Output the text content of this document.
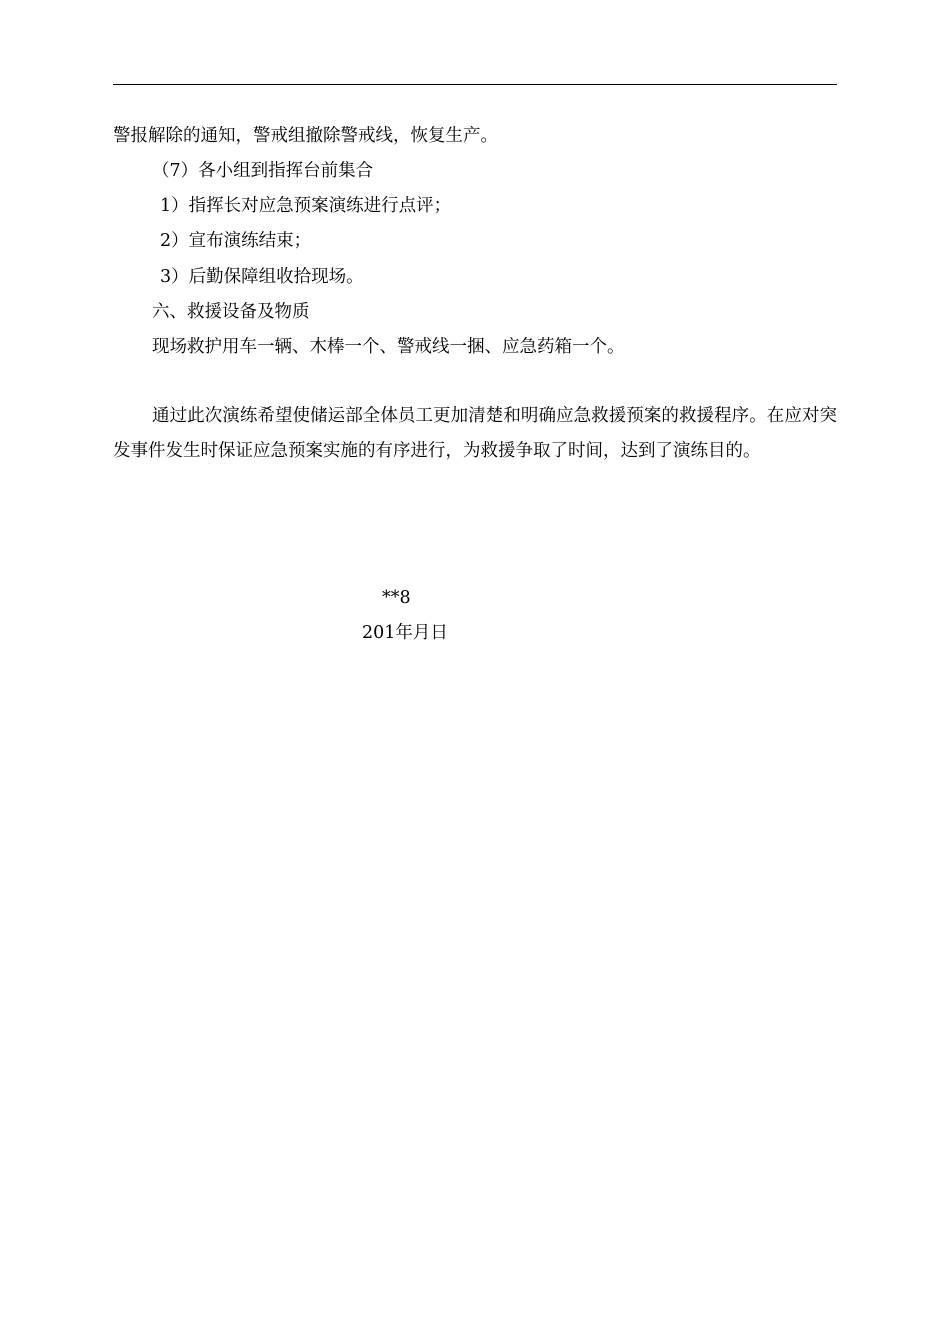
警报解除的通知，警戒组撤除警戒线，恢复生产。
（7）各小组到指挥台前集合
1）指挥长对应急预案演练进行点评；
2）宣布演练结束；
3）后勤保障组收拾现场。
六、救援设备及物质
现场救护用车一辆、木棒一个、警戒线一捆、应急药箱一个。
通过此次演练希望使储运部全体员工更加清楚和明确应急救援预案的救援程序。在应对突发事件发生时保证应急预案实施的有序进行，为救援争取了时间，达到了演练目的。
**8
201年月日
